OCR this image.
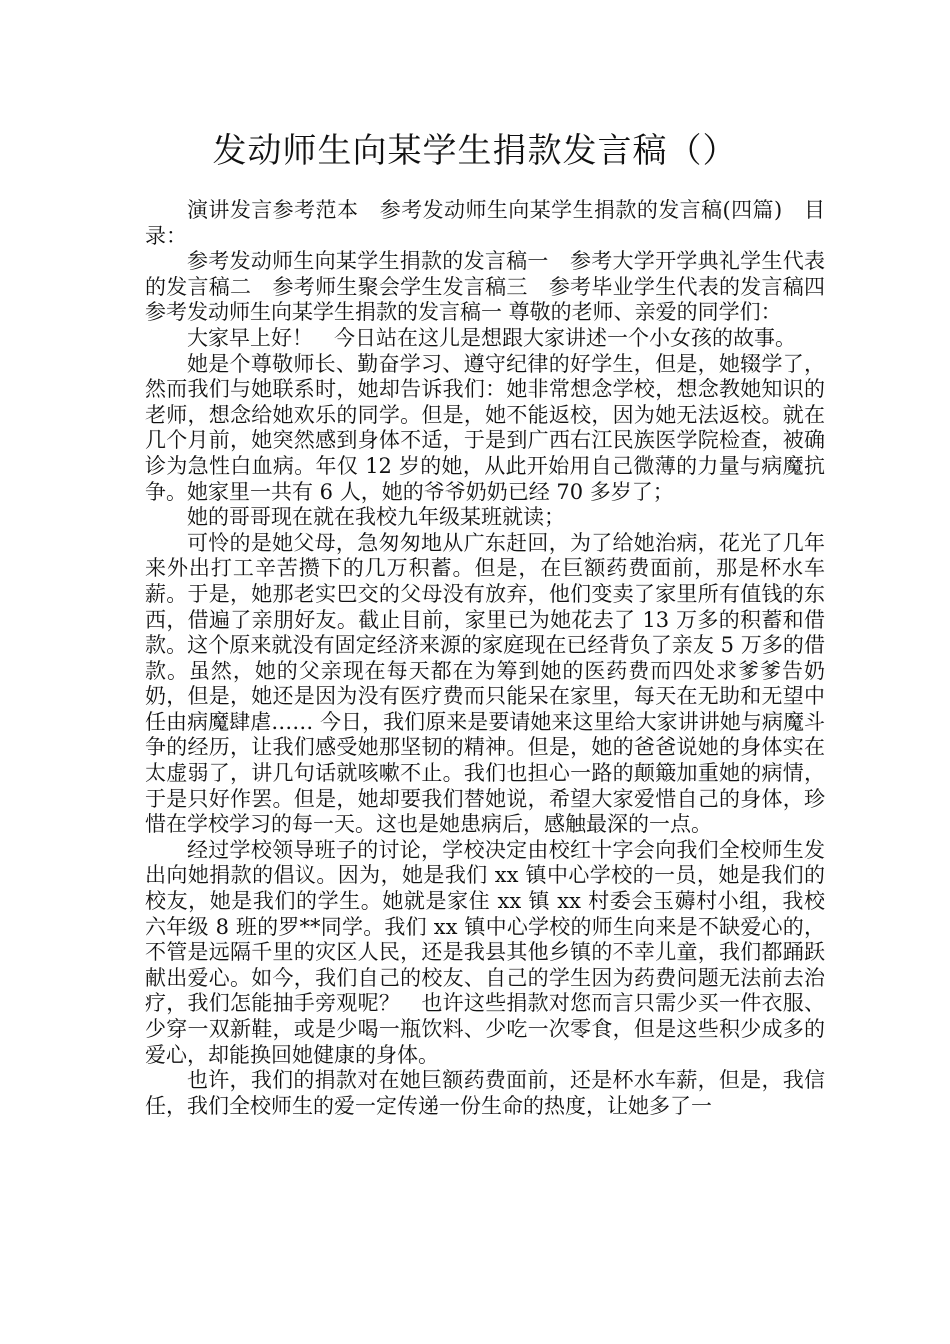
发动师生向某学生捐款发言稿（）

演讲发言参考范本　参考发动师生向某学生捐款的发言稿(四篇)　目录：

参考发动师生向某学生捐款的发言稿一　参考大学开学典礼学生代表的发言稿二　参考师生聚会学生发言稿三　参考毕业学生代表的发言稿四　参考发动师生向某学生捐款的发言稿一 尊敬的老师、亲爱的同学们：

大家早上好！　今日站在这儿是想跟大家讲述一个小女孩的故事。

她是个尊敬师长、勤奋学习、遵守纪律的好学生，但是，她辍学了，然而我们与她联系时，她却告诉我们：她非常想念学校，想念教她知识的老师，想念给她欢乐的同学。但是，她不能返校，因为她无法返校。就在几个月前，她突然感到身体不适，于是到广西右江民族医学院检查，被确诊为急性白血病。年仅 12 岁的她，从此开始用自己微薄的力量与病魔抗争。她家里一共有 6 人，她的爷爷奶奶已经 70 多岁了；

她的哥哥现在就在我校九年级某班就读；

可怜的是她父母，急匆匆地从广东赶回，为了给她治病，花光了几年来外出打工辛苦攒下的几万积蓄。但是，在巨额药费面前，那是杯水车薪。于是，她那老实巴交的父母没有放弃，他们变卖了家里所有值钱的东西，借遍了亲朋好友。截止目前，家里已为她花去了 13 万多的积蓄和借款。这个原来就没有固定经济来源的家庭现在已经背负了亲友 5 万多的借款。虽然，她的父亲现在每天都在为筹到她的医药费而四处求爹爹告奶奶，但是，她还是因为没有医疗费而只能呆在家里，每天在无助和无望中任由病魔肆虐…… 今日，我们原来是要请她来这里给大家讲讲她与病魔斗争的经历，让我们感受她那坚韧的精神。但是，她的爸爸说她的身体实在太虚弱了，讲几句话就咳嗽不止。我们也担心一路的颠簸加重她的病情，于是只好作罢。但是，她却要我们替她说，希望大家爱惜自己的身体，珍惜在学校学习的每一天。这也是她患病后，感触最深的一点。

经过学校领导班子的讨论，学校决定由校红十字会向我们全校师生发出向她捐款的倡议。因为，她是我们 xx 镇中心学校的一员，她是我们的校友，她是我们的学生。她就是家住 xx 镇 xx 村委会玉薅村小组，我校六年级 8 班的罗**同学。我们 xx 镇中心学校的师生向来是不缺爱心的，不管是远隔千里的灾区人民，还是我县其他乡镇的不幸儿童，我们都踊跃献出爱心。如今，我们自己的校友、自己的学生因为药费问题无法前去治疗，我们怎能抽手旁观呢？　也许这些捐款对您而言只需少买一件衣服、少穿一双新鞋，或是少喝一瓶饮料、少吃一次零食，但是这些积少成多的爱心，却能换回她健康的身体。

也许，我们的捐款对在她巨额药费面前，还是杯水车薪，但是，我信任，我们全校师生的爱一定传递一份生命的热度，让她多了一
